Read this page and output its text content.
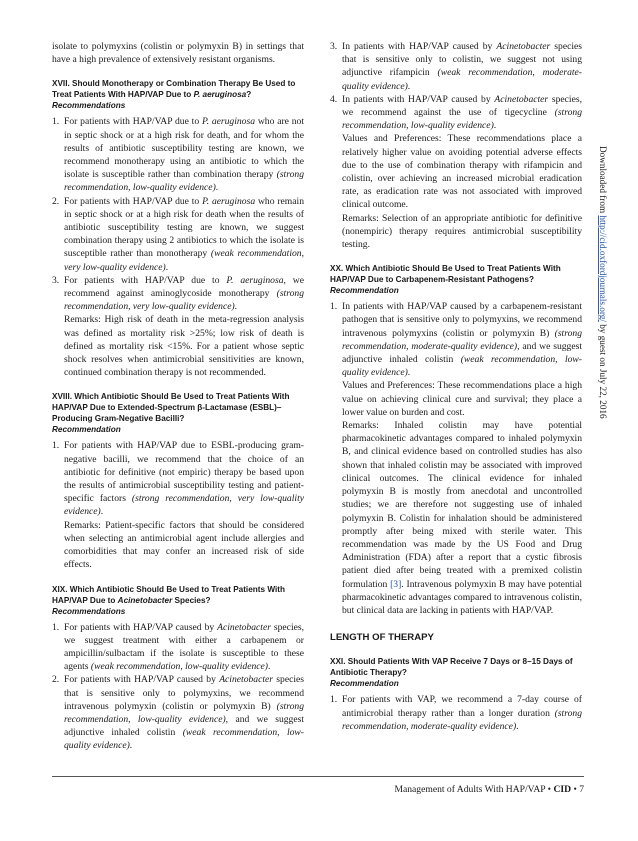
isolate to polymyxins (colistin or polymyxin B) in settings that have a high prevalence of extensively resistant organisms.

XVII. Should Monotherapy or Combination Therapy Be Used to Treat Patients With HAP/VAP Due to P. aeruginosa?
Recommendations
1. For patients with HAP/VAP due to P. aeruginosa who are not in septic shock or at a high risk for death, and for whom the results of antibiotic susceptibility testing are known, we recommend monotherapy using an antibiotic to which the isolate is susceptible rather than combination therapy (strong recommendation, low-quality evidence).
2. For patients with HAP/VAP due to P. aeruginosa who remain in septic shock or at a high risk for death when the results of antibiotic susceptibility testing are known, we suggest combination therapy using 2 antibiotics to which the isolate is susceptible rather than monotherapy (weak recommendation, very low-quality evidence).
3. For patients with HAP/VAP due to P. aeruginosa, we recommend against aminoglycoside monotherapy (strong recommendation, very low-quality evidence).

Remarks: High risk of death in the meta-regression analysis was defined as mortality risk >25%; low risk of death is defined as mortality risk <15%. For a patient whose septic shock resolves when antimicrobial sensitivities are known, continued combination therapy is not recommended.

XVIII. Which Antibiotic Should Be Used to Treat Patients With HAP/VAP Due to Extended-Spectrum β-Lactamase (ESBL)–Producing Gram-Negative Bacilli?
Recommendation
1. For patients with HAP/VAP due to ESBL-producing gram-negative bacilli, we recommend that the choice of an antibiotic for definitive (not empiric) therapy be based upon the results of antimicrobial susceptibility testing and patient-specific factors (strong recommendation, very low-quality evidence).

Remarks: Patient-specific factors that should be considered when selecting an antimicrobial agent include allergies and comorbidities that may confer an increased risk of side effects.

XIX. Which Antibiotic Should Be Used to Treat Patients With HAP/VAP Due to Acinetobacter Species?
Recommendations
1. For patients with HAP/VAP caused by Acinetobacter species, we suggest treatment with either a carbapenem or ampicillin/sulbactam if the isolate is susceptible to these agents (weak recommendation, low-quality evidence).
2. For patients with HAP/VAP caused by Acinetobacter species that is sensitive only to polymyxins, we recommend intravenous polymyxin (colistin or polymyxin B) (strong recommendation, low-quality evidence), and we suggest adjunctive inhaled colistin (weak recommendation, low-quality evidence).
3. In patients with HAP/VAP caused by Acinetobacter species that is sensitive only to colistin, we suggest not using adjunctive rifampicin (weak recommendation, moderate-quality evidence).
4. In patients with HAP/VAP caused by Acinetobacter species, we recommend against the use of tigecycline (strong recommendation, low-quality evidence).

Values and Preferences: These recommendations place a relatively higher value on avoiding potential adverse effects due to the use of combination therapy with rifampicin and colistin, over achieving an increased microbial eradication rate, as eradication rate was not associated with improved clinical outcome.

Remarks: Selection of an appropriate antibiotic for definitive (nonempiric) therapy requires antimicrobial susceptibility testing.

XX. Which Antibiotic Should Be Used to Treat Patients With HAP/VAP Due to Carbapenem-Resistant Pathogens?
Recommendation
1. In patients with HAP/VAP caused by a carbapenem-resistant pathogen that is sensitive only to polymyxins, we recommend intravenous polymyxins (colistin or polymyxin B) (strong recommendation, moderate-quality evidence), and we suggest adjunctive inhaled colistin (weak recommendation, low-quality evidence).

Values and Preferences: These recommendations place a high value on achieving clinical cure and survival; they place a lower value on burden and cost.

Remarks: Inhaled colistin may have potential pharmacokinetic advantages compared to inhaled polymyxin B, and clinical evidence based on controlled studies has also shown that inhaled colistin may be associated with improved clinical outcomes. The clinical evidence for inhaled polymyxin B is mostly from anecdotal and uncontrolled studies; we are therefore not suggesting use of inhaled polymyxin B. Colistin for inhalation should be administered promptly after being mixed with sterile water. This recommendation was made by the US Food and Drug Administration (FDA) after a report that a cystic fibrosis patient died after being treated with a premixed colistin formulation [3]. Intravenous polymyxin B may have potential pharmacokinetic advantages compared to intravenous colistin, but clinical data are lacking in patients with HAP/VAP.

LENGTH OF THERAPY
XXI. Should Patients With VAP Receive 7 Days or 8–15 Days of Antibiotic Therapy?
Recommendation
1. For patients with VAP, we recommend a 7-day course of antimicrobial therapy rather than a longer duration (strong recommendation, moderate-quality evidence).
Management of Adults With HAP/VAP • CID • 7
Downloaded from http://cid.oxfordjournals.org/ by guest on July 22, 2016
